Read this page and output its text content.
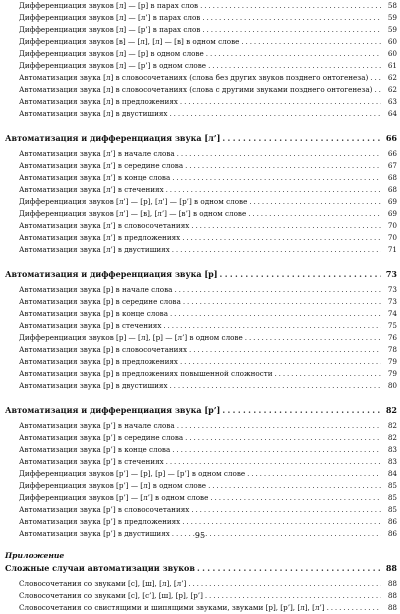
Дифференциация звуков [л] — [р] в парах слов . . .	58
Дифференциация звуков [л] — [л’] в парах слов . . .	59
Дифференциация звуков [л] — [р’] в парах слов . . .	59
Дифференциация звуков [в] — [л], [л] — [в] в одном слове . . .	60
Дифференциация звуков [л] — [р] в одном слове . . .	60
Дифференциация звуков [л] — [р’] в одном слове . . .	61
Автоматизация звука [л] в словосочетаниях (слова без других звуков позднего онтогенеза) . . .	62
Автоматизация звука [л] в словосочетаниях (слова с другими звуками позднего онтогенеза) . . .	62
Автоматизация звука [л] в предложениях . . .	63
Автоматизация звука [л] в двустишиях . . .	64
Автоматизация и дифференциация звука [л’] . . .	66
Автоматизация звука [л’] в начале слова . . .	66
Автоматизация звука [л’] в середине слова . . .	67
Автоматизация звука [л’] в конце слова . . .	68
Автоматизация звука [л’] в стечениях . . .	68
Дифференциация звуков [л’] — [р], [л’] — [р’] в одном слове . . .	69
Дифференциация звуков [л’] — [в], [л’] — [в’] в одном слове . . .	69
Автоматизация звука [л’] в словосочетаниях . . .	70
Автоматизация звука [л’] в предложениях . . .	70
Автоматизация звука [л’] в двустишиях . . .	71
Автоматизация и дифференциация звука [р] . . .	73
Автоматизация звука [р] в начале слова . . .	73
Автоматизация звука [р] в середине слова . . .	73
Автоматизация звука [р] в конце слова . . .	74
Автоматизация звука [р] в стечениях . . .	75
Дифференциация звуков [р] — [л], [р] — [л’] в одном слове . . .	76
Автоматизация звука [р] в словосочетаниях . . .	78
Автоматизация звука [р] в предложениях . . .	79
Автоматизация звука [р] в предложениях повышенной сложности . . .	79
Автоматизация звука [р] в двустишиях . . .	80
Автоматизация и дифференциация звука [р’] . . .	82
Автоматизация звука [р’] в начале слова . . .	82
Автоматизация звука [р’] в середине слова . . .	82
Автоматизация звука [р’] в конце слова . . .	83
Автоматизация звука [р’] в стечениях . . .	83
Дифференциация звуков [р’] — [р], [р] — [р’] в одном слове . . .	84
Дифференциация звуков [р’] — [л] в одном слове . . .	85
Дифференциация звуков [р’] — [л’] в одном слове . . .	85
Автоматизация звука [р’] в словосочетаниях . . .	85
Автоматизация звука [р’] в предложениях . . .	86
Автоматизация звука [р’] в двустишиях . . .	86
Приложение
Сложные случаи автоматизации звуков . . .	88
Словосочетания со звуками [с], [ш], [л], [л’] . . .	88
Словосочетания со звуками [с], [с’], [ш], [р], [р’] . . .	88
Словосочетания со свистящими и шипящими звуками, звуками [р], [р’], [л], [л’] . . .	88
95
